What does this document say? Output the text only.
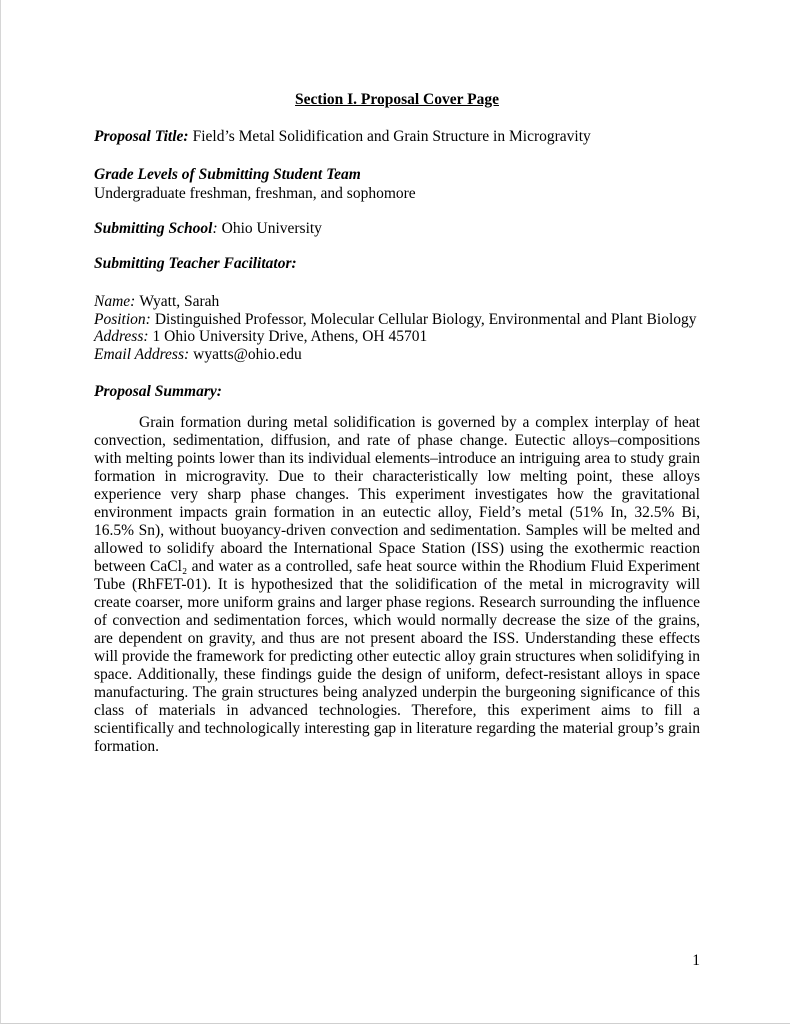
Section I. Proposal Cover Page
Proposal Title: Field’s Metal Solidification and Grain Structure in Microgravity
Grade Levels of Submitting Student Team
Undergraduate freshman, freshman, and sophomore
Submitting School: Ohio University
Submitting Teacher Facilitator:
Name: Wyatt, Sarah
Position: Distinguished Professor, Molecular Cellular Biology, Environmental and Plant Biology
Address: 1 Ohio University Drive, Athens, OH 45701
Email Address: wyatts@ohio.edu
Proposal Summary:

Grain formation during metal solidification is governed by a complex interplay of heat convection, sedimentation, diffusion, and rate of phase change. Eutectic alloys–compositions with melting points lower than its individual elements–introduce an intriguing area to study grain formation in microgravity. Due to their characteristically low melting point, these alloys experience very sharp phase changes. This experiment investigates how the gravitational environment impacts grain formation in an eutectic alloy, Field’s metal (51% In, 32.5% Bi, 16.5% Sn), without buoyancy-driven convection and sedimentation. Samples will be melted and allowed to solidify aboard the International Space Station (ISS) using the exothermic reaction between CaCl₂ and water as a controlled, safe heat source within the Rhodium Fluid Experiment Tube (RhFET-01). It is hypothesized that the solidification of the metal in microgravity will create coarser, more uniform grains and larger phase regions. Research surrounding the influence of convection and sedimentation forces, which would normally decrease the size of the grains, are dependent on gravity, and thus are not present aboard the ISS. Understanding these effects will provide the framework for predicting other eutectic alloy grain structures when solidifying in space. Additionally, these findings guide the design of uniform, defect-resistant alloys in space manufacturing. The grain structures being analyzed underpin the burgeoning significance of this class of materials in advanced technologies. Therefore, this experiment aims to fill a scientifically and technologically interesting gap in literature regarding the material group’s grain formation.

1
